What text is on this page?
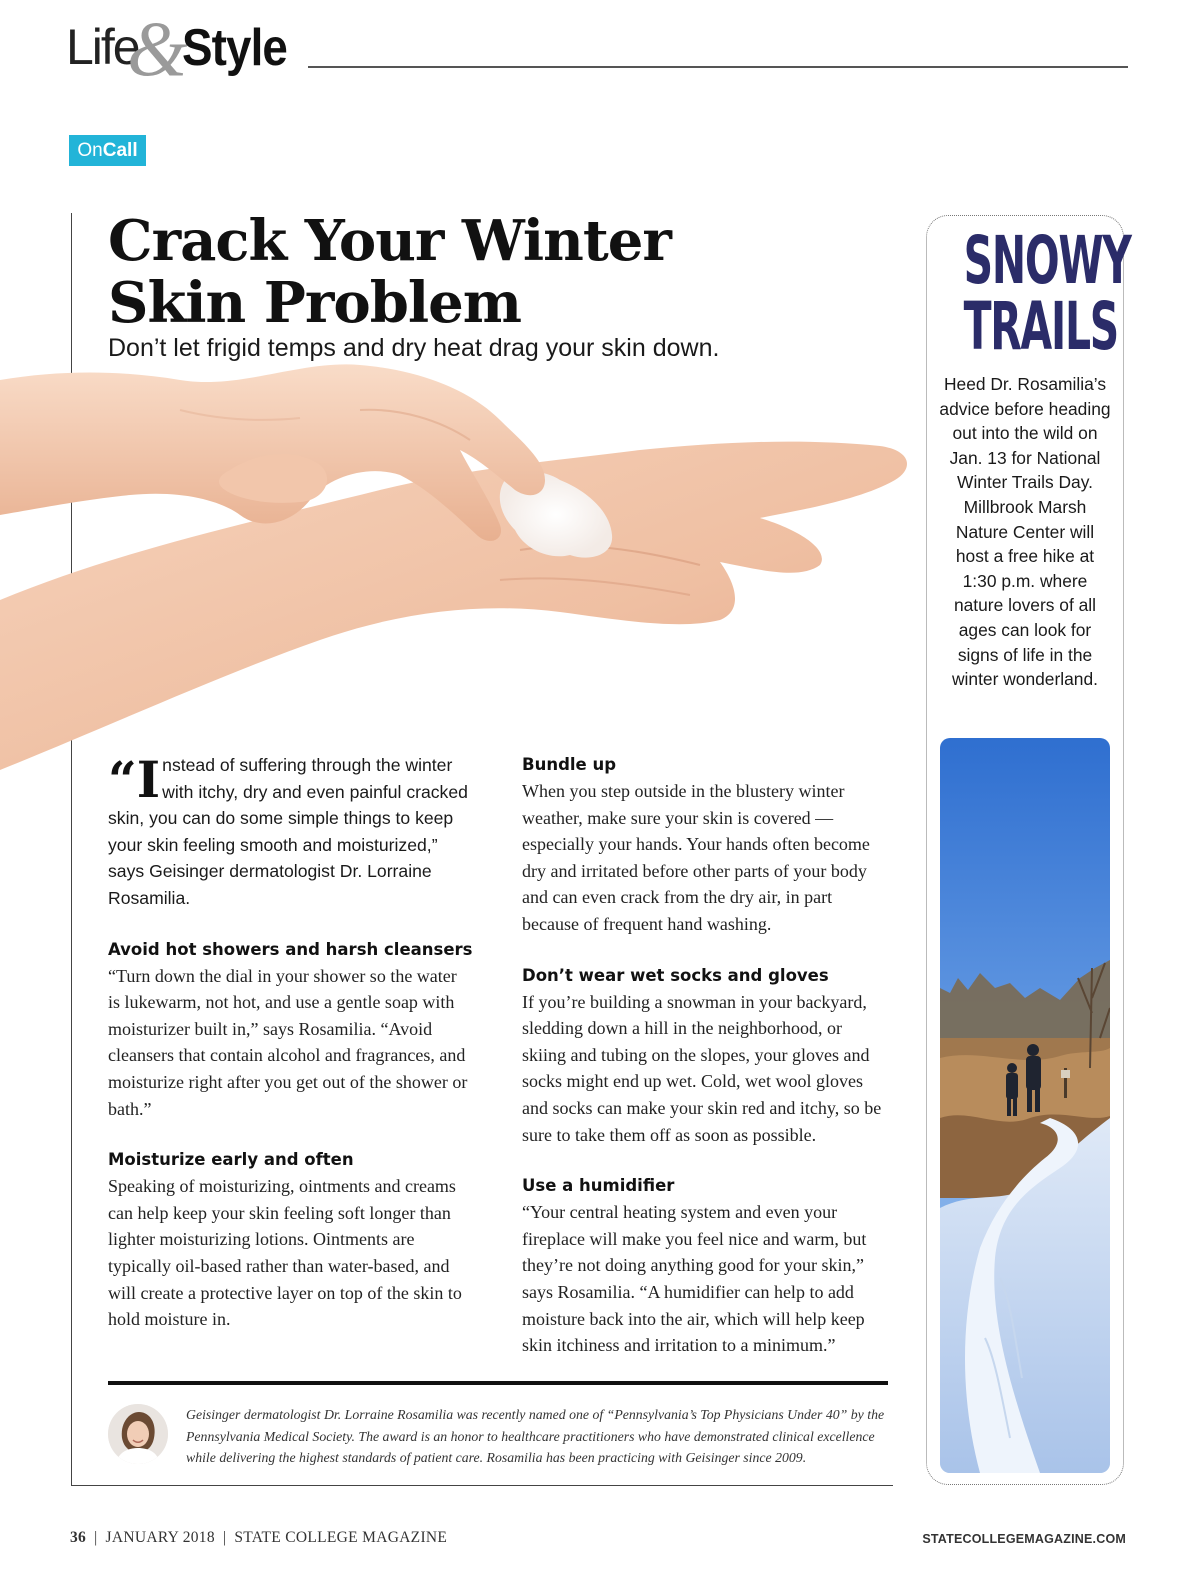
Life
&
Style
OnCall
Crack Your Winter
Skin Problem
Don’t let frigid temps and dry heat drag your skin down.
“I nstead of suffering through the winter with itchy, dry and even painful cracked skin, you can do some simple things to keep your skin feeling smooth and moisturized,” says Geisinger dermatologist Dr. Lorraine Rosamilia.
Avoid hot showers and harsh cleansers

“Turn down the dial in your shower so the water is lukewarm, not hot, and use a gentle soap with moisturizer built in,” says Rosamilia. “Avoid cleansers that contain alcohol and fragrances, and moisturize right after you get out of the shower or bath.”

Moisturize early and often

Speaking of moisturizing, ointments and creams can help keep your skin feeling soft longer than lighter moisturizing lotions. Ointments are typically oil-based rather than water-based, and will create a protective layer on top of the skin to hold moisture in.

Bundle up

When you step outside in the blustery winter weather, make sure your skin is covered — especially your hands. Your hands often become dry and irritated before other parts of your body and can even crack from the dry air, in part because of frequent hand washing.

Don’t wear wet socks and gloves

If you’re building a snowman in your backyard, sledding down a hill in the neighborhood, or skiing and tubing on the slopes, your gloves and socks might end up wet. Cold, wet wool gloves and socks can make your skin red and itchy, so be sure to take them off as soon as possible.

Use a humidifier

“Your central heating system and even your fireplace will make you feel nice and warm, but they’re not doing anything good for your skin,” says Rosamilia. “A humidifier can help to add moisture back into the air, which will help keep skin itchiness and irritation to a minimum.”

Geisinger dermatologist Dr. Lorraine Rosamilia was recently named one of “Pennsylvania’s Top Physicians Under 40” by the Pennsylvania Medical Society. The award is an honor to healthcare practitioners who have demonstrated clinical excellence while delivering the highest standards of patient care. Rosamilia has been practicing with Geisinger since 2009.
SNOWY
TRAILS
Heed Dr. Rosamilia’s advice before heading out into the wild on Jan. 13 for National Winter Trails Day. Millbrook Marsh Nature Center will host a free hike at 1:30 p.m. where nature lovers of all ages can look for signs of life in the winter wonderland.
36 | JANUARY 2018 | STATE COLLEGE MAGAZINE	STATECOLLEGEMAGAZINE.COM
